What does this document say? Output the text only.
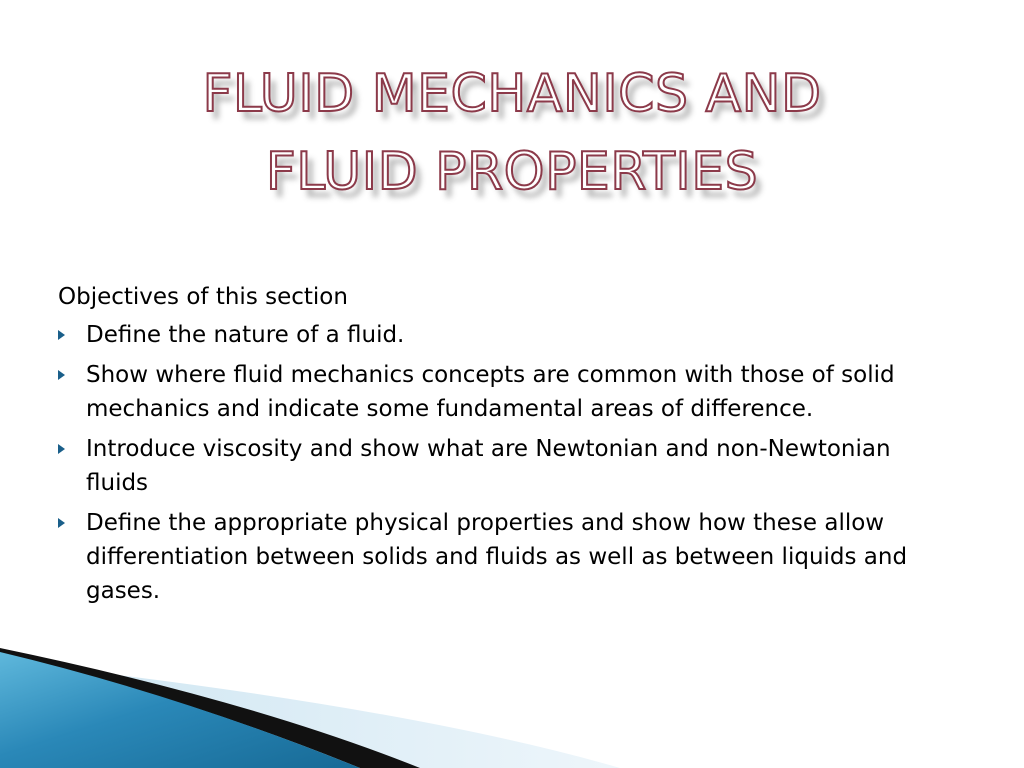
FLUID MECHANICS AND
FLUID PROPERTIES

Objectives of this section

Define the nature of a fluid.
Show where fluid mechanics concepts are common with those of solid mechanics and indicate some fundamental areas of difference.
Introduce viscosity and show what are Newtonian and non-Newtonian fluids
Define the appropriate physical properties and show how these allow differentiation between solids and fluids as well as between liquids and gases.
